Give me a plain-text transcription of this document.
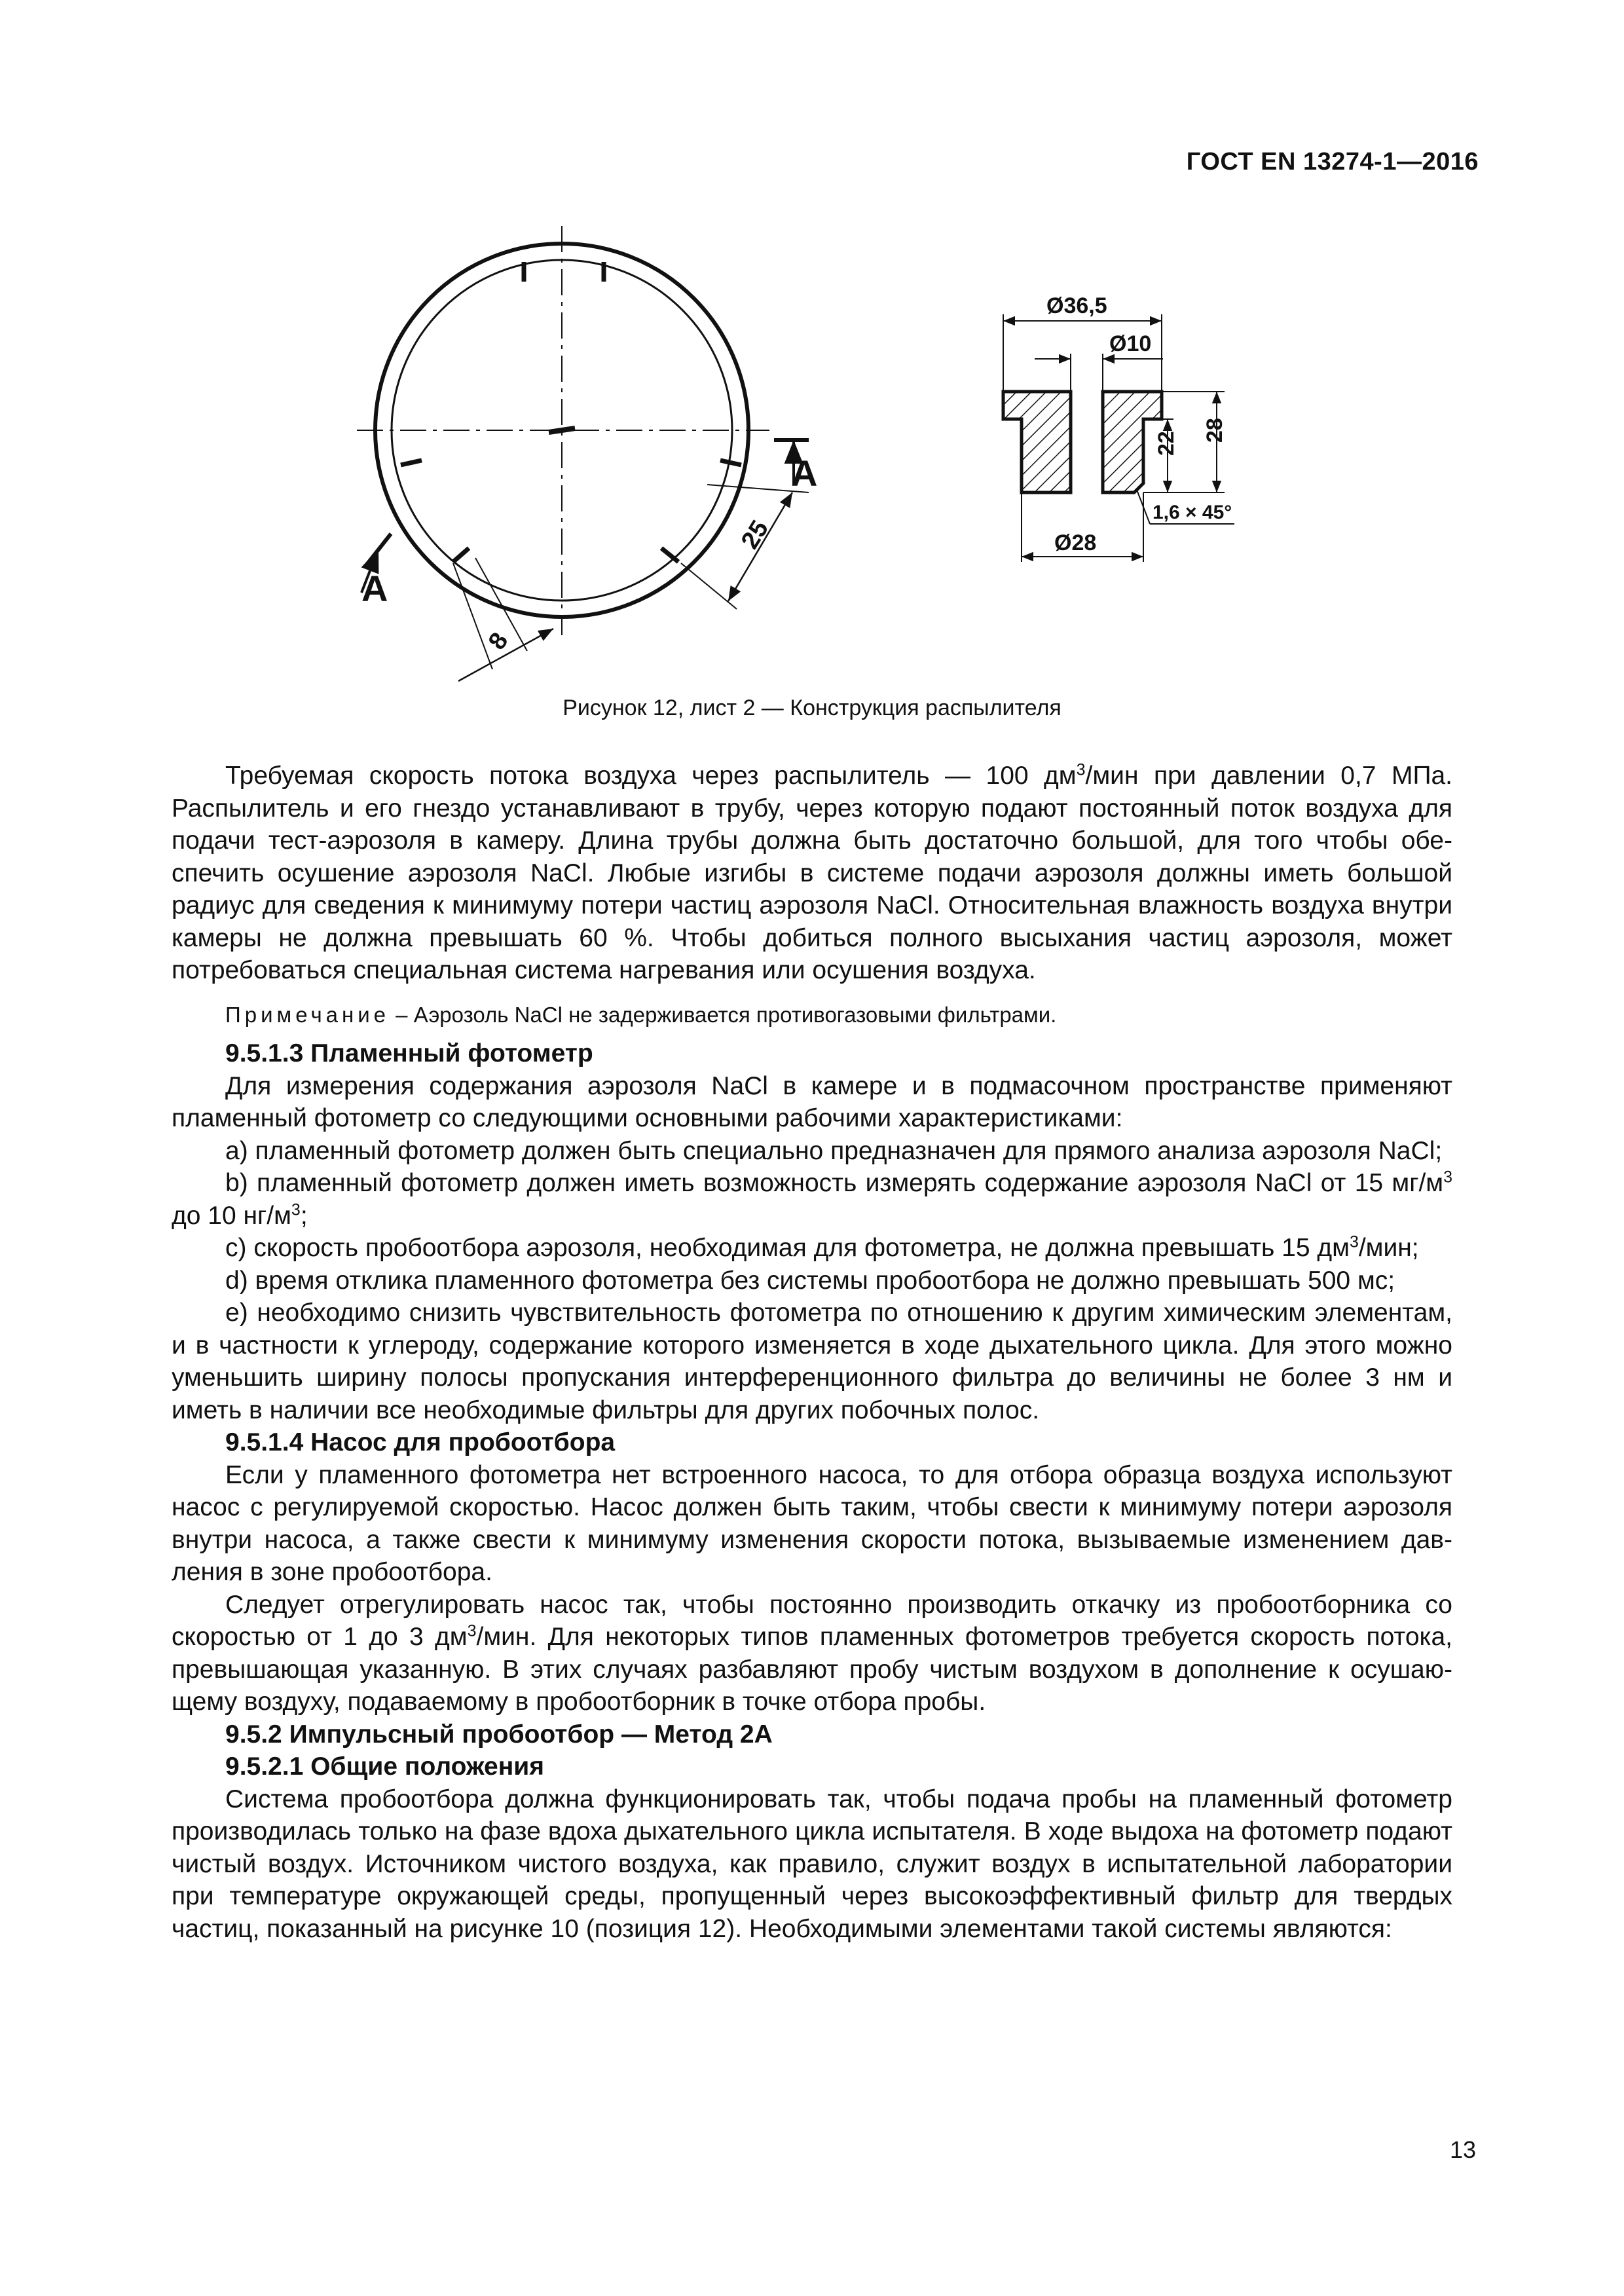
ГОСТ EN 13274-1—2016
A
A
25
8
Ø36,5
Ø10
Ø28
22
28
1,6 × 45°
Рисунок 12, лист 2 — Конструкция распылителя

Требуемая скорость потока воздуха через распылитель — 100 $дм^3$/мин при давлении 0,7 МПа. Распылитель и его гнездо устанавливают в трубу, через которую подают постоянный поток воздуха для подачи тест-аэрозоля в камеру. Длина трубы должна быть достаточно большой, для того чтобы обеспечить осушение аэрозоля NaCl. Любые изгибы в системе подачи аэрозоля должны иметь большой радиус для сведения к минимуму потери частиц аэрозоля NaCl. Относительная влажность воздуха внутри камеры не должна превышать 60 %. Чтобы добиться полного высыхания частиц аэрозоля, может потребоваться специальная система нагревания или осушения воздуха.

Примечание – Аэрозоль NaCl не задерживается противогазовыми фильтрами.

9.5.1.3 Пламенный фотометр

Для измерения содержания аэрозоля NaCl в камере и в подмасочном пространстве применяют пламенный фотометр со следующими основными рабочими характеристиками:

a) пламенный фотометр должен быть специально предназначен для прямого анализа аэрозоля NaCl;

b) пламенный фотометр должен иметь возможность измерять содержание аэрозоля NaCl от 15 $мг/м^3$ до 10 $нг/м^3$;

c) скорость пробоотбора аэрозоля, необходимая для фотометра, не должна превышать 15 $дм^3$/мин;

d) время отклика пламенного фотометра без системы пробоотбора не должно превышать 500 мс;

e) необходимо снизить чувствительность фотометра по отношению к другим химическим элементам, и в частности к углероду, содержание которого изменяется в ходе дыхательного цикла. Для этого можно уменьшить ширину полосы пропускания интерференционного фильтра до величины не более 3 нм и иметь в наличии все необходимые фильтры для других побочных полос.

9.5.1.4 Насос для пробоотбора

Если у пламенного фотометра нет встроенного насоса, то для отбора образца воздуха используют насос с регулируемой скоростью. Насос должен быть таким, чтобы свести к минимуму потери аэрозоля внутри насоса, а также свести к минимуму изменения скорости потока, вызываемые изменением давления в зоне пробоотбора.

Следует отрегулировать насос так, чтобы постоянно производить откачку из пробоотборника со скоростью от 1 до 3 $дм^3$/мин. Для некоторых типов пламенных фотометров требуется скорость потока, превышающая указанную. В этих случаях разбавляют пробу чистым воздухом в дополнение к осушающему воздуху, подаваемому в пробоотборник в точке отбора пробы.

9.5.2 Импульсный пробоотбор — Метод 2А

9.5.2.1 Общие положения

Система пробоотбора должна функционировать так, чтобы подача пробы на пламенный фотометр производилась только на фазе вдоха дыхательного цикла испытателя. В ходе выдоха на фотометр подают чистый воздух. Источником чистого воздуха, как правило, служит воздух в испытательной лаборатории при температуре окружающей среды, пропущенный через высокоэффективный фильтр для твердых частиц, показанный на рисунке 10 (позиция 12). Необходимыми элементами такой системы являются:

13
